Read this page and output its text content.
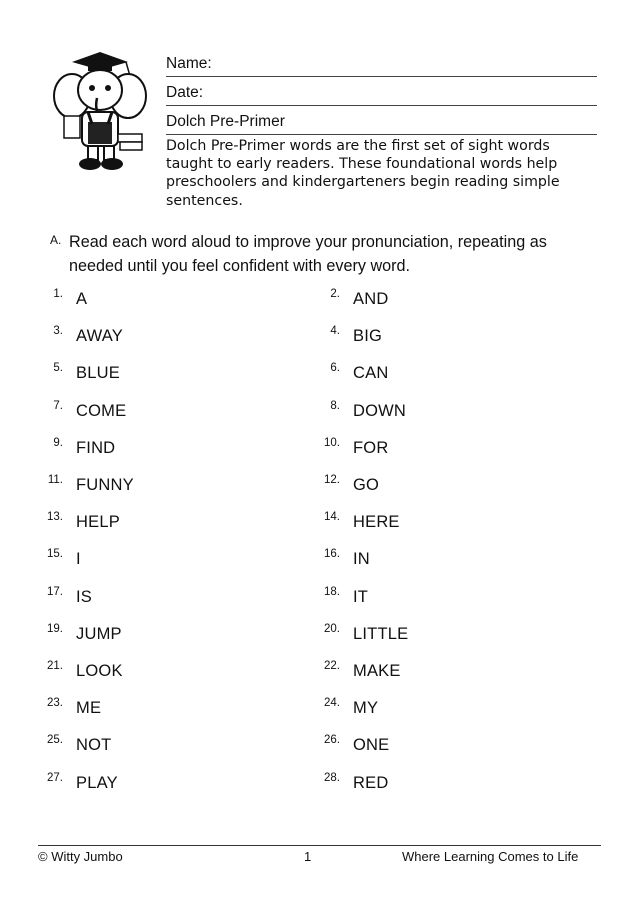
Name:
Date:
Dolch Pre-Primer
Dolch Pre-Primer words are the first set of sight words taught to early readers. These foundational words help preschoolers and kindergarteners begin reading simple sentences.
A. Read each word aloud to improve your pronunciation, repeating as needed until you feel confident with every word.
1. A	2. AND
3. AWAY	4. BIG
5. BLUE	6. CAN
7. COME	8. DOWN
9. FIND	10. FOR
11. FUNNY	12. GO
13. HELP	14. HERE
15. I	16. IN
17. IS	18. IT
19. JUMP	20. LITTLE
21. LOOK	22. MAKE
23. ME	24. MY
25. NOT	26. ONE
27. PLAY	28. RED
© Witty Jumbo	1	Where Learning Comes to Life
